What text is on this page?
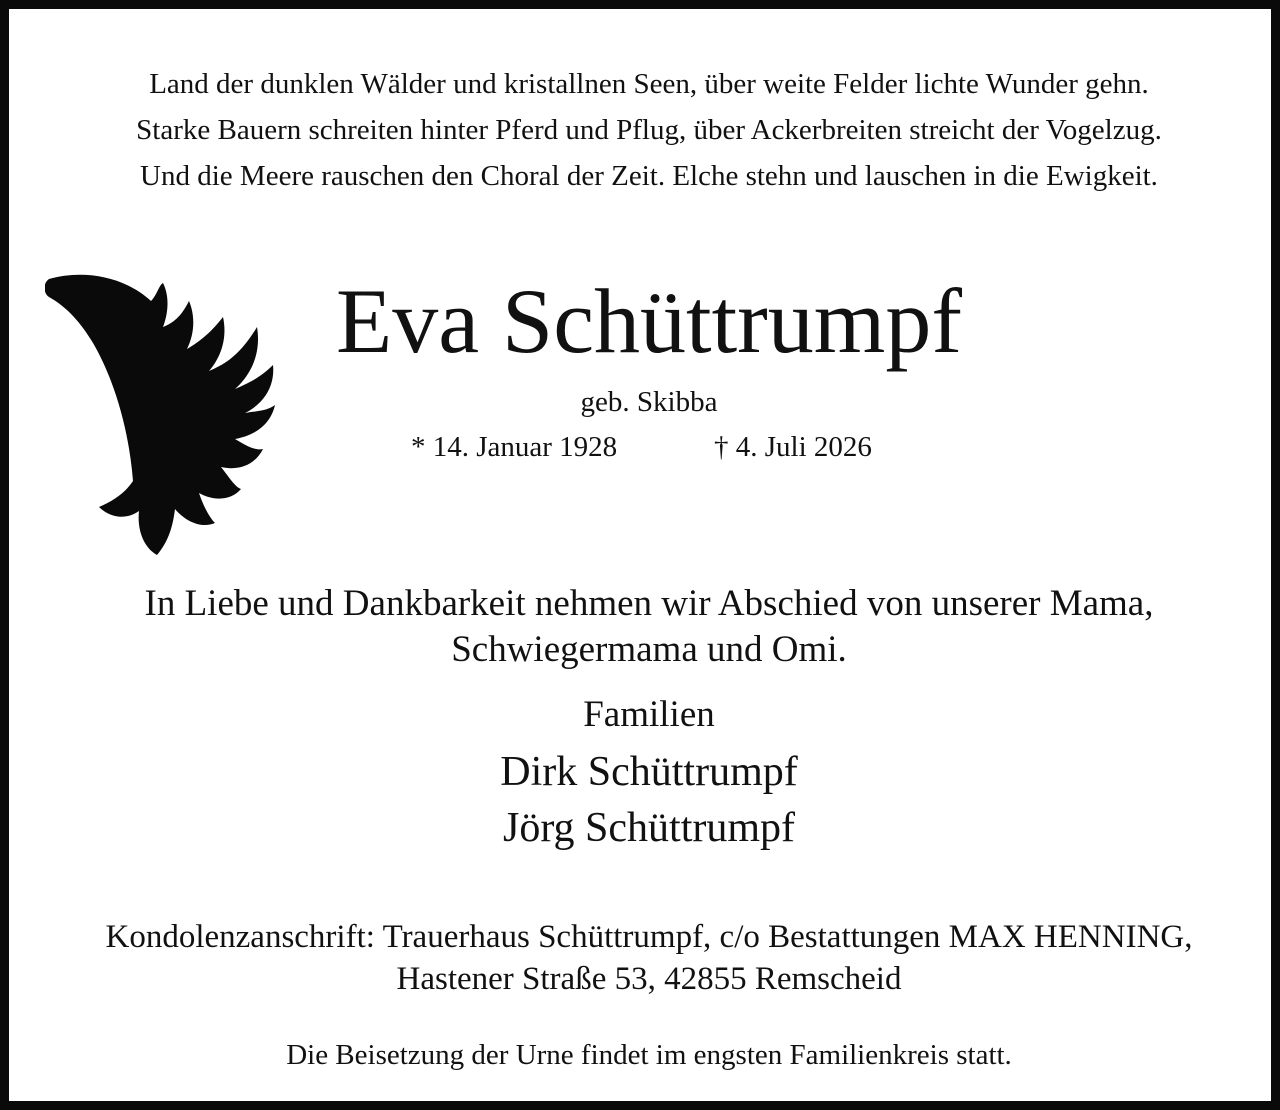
Land der dunklen Wälder und kristallnen Seen, über weite Felder lichte Wunder gehn.
Starke Bauern schreiten hinter Pferd und Pflug, über Ackerbreiten streicht der Vogelzug.
Und die Meere rauschen den Choral der Zeit. Elche stehn und lauschen in die Ewigkeit.
Eva Schüttrumpf
geb. Skibba
* 14. Januar 1928	† 4. Juli 2026
In Liebe und Dankbarkeit nehmen wir Abschied von unserer Mama,
Schwiegermama und Omi.
Familien
Dirk Schüttrumpf
Jörg Schüttrumpf
Kondolenzanschrift: Trauerhaus Schüttrumpf, c/o Bestattungen MAX HENNING,
Hastener Straße 53, 42855 Remscheid
Die Beisetzung der Urne findet im engsten Familienkreis statt.
